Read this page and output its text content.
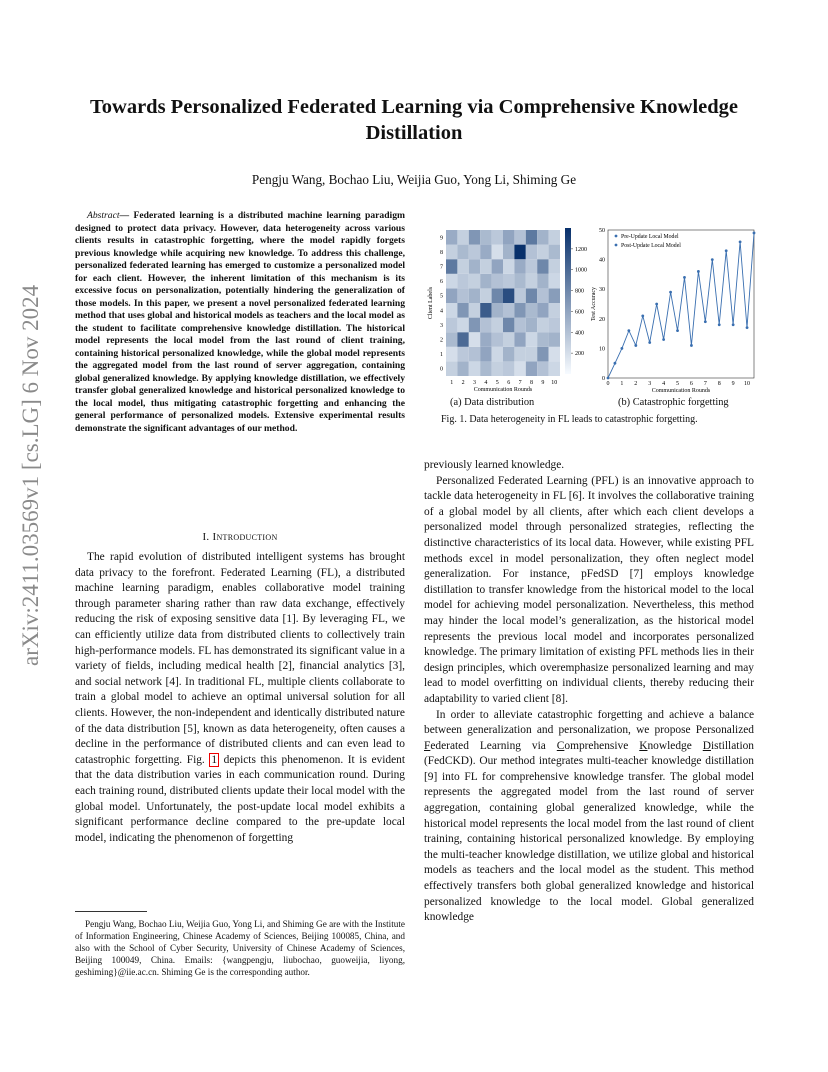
arXiv:2411.03569v1 [cs.LG] 6 Nov 2024
Towards Personalized Federated Learning via Comprehensive Knowledge
Distillation
Pengju Wang, Bochao Liu, Weijia Guo, Yong Li, Shiming Ge

Abstract— Federated learning is a distributed machine learning paradigm designed to protect data privacy. However, data heterogeneity across various clients results in catastrophic forgetting, where the model rapidly forgets previous knowledge while acquiring new knowledge. To address this challenge, personalized federated learning has emerged to customize a personalized model for each client. However, the inherent limitation of this mechanism is its excessive focus on personalization, potentially hindering the generalization of those models. In this paper, we present a novel personalized federated learning method that uses global and historical models as teachers and the local model as the student to facilitate comprehensive knowledge distillation. The historical model represents the local model from the last round of client training, containing historical personalized knowledge, while the global model represents the aggregated model from the last round of server aggregation, containing global generalized knowledge. By applying knowledge distillation, we effectively transfer global generalized knowledge and historical personalized knowledge to the local model, thus mitigating catastrophic forgetting and enhancing the general performance of personalized models. Extensive experimental results demonstrate the significant advantages of our method.

I. Introduction

The rapid evolution of distributed intelligent systems has brought data privacy to the forefront. Federated Learning (FL), a distributed machine learning paradigm, enables collaborative model training through parameter sharing rather than raw data exchange, effectively reducing the risk of exposing sensitive data [1]. By leveraging FL, we can efficiently utilize data from distributed clients to collectively train high-performance models. FL has demonstrated its significant value in a variety of fields, including medical health [2], financial analytics [3], and social network [4]. In traditional FL, multiple clients collaborate to train a global model to achieve an optimal universal solution for all clients. However, the non-independent and identically distributed nature of the data distribution [5], known as data heterogeneity, often causes a decline in the performance of distributed clients and can even lead to catastrophic forgetting. Fig. 1 depicts this phenomenon. It is evident that the data distribution varies in each communication round. During each training round, distributed clients update their local model with the global model. Unfortunately, the post-update local model exhibits a significant performance decline compared to the pre-update local model, indicating the phenomenon of forgetting

Pengju Wang, Bochao Liu, Weijia Guo, Yong Li, and Shiming Ge are with the Institute of Information Engineering, Chinese Academy of Sciences, Beijing 100085, China, and also with the School of Cyber Security, University of Chinese Academy of Sciences, Beijing 100049, China. Emails: {wangpengju, liubochao, guoweijia, liyong, geshiming}@iie.ac.cn. Shiming Ge is the corresponding author.

1 2 3 4 5 6 7 8 9 10
0
1
2
3
4
5
6
7
8
9
Communication Rounds
Client Labels
200
400
600
800
1000
1200
0 1 2 3 4 5 6 7 8 9 10
0
10
20
30
40
50
Communication Rounds
Test Accuracy
Pre-Update Local Model
Post-Update Local Model
(a) Data distribution	(b) Catastrophic forgetting
Fig. 1. Data heterogeneity in FL leads to catastrophic forgetting.

previously learned knowledge.

Personalized Federated Learning (PFL) is an innovative approach to tackle data heterogeneity in FL [6]. It involves the collaborative training of a global model by all clients, after which each client develops a personalized model through personalized strategies, reflecting the distinctive characteristics of its local data. However, while existing PFL methods excel in model personalization, they often neglect model generalization. For instance, pFedSD [7] employs knowledge distillation to transfer knowledge from the historical model to the local model for achieving model personalization. Nevertheless, this method may hinder the local model’s generalization, as the historical model represents the previous local model and incorporates personalized knowledge. The primary limitation of existing PFL methods lies in their design principles, which overemphasize personalized learning and may lead to model overfitting on individual clients, thereby reducing their adaptability to varied client [8].

In order to alleviate catastrophic forgetting and achieve a balance between generalization and personalization, we propose Personalized Federated Learning via Comprehensive Knowledge Distillation (FedCKD). Our method integrates multi-teacher knowledge distillation [9] into FL for comprehensive knowledge transfer. The global model represents the aggregated model from the last round of server aggregation, containing global generalized knowledge, while the historical model represents the local model from the last round of client training, containing historical personalized knowledge. By employing the multi-teacher knowledge distillation, we utilize global and historical models as teachers and the local model as the student. This method effectively transfers both global generalized knowledge and historical personalized knowledge to the local model. Global generalized knowledge
